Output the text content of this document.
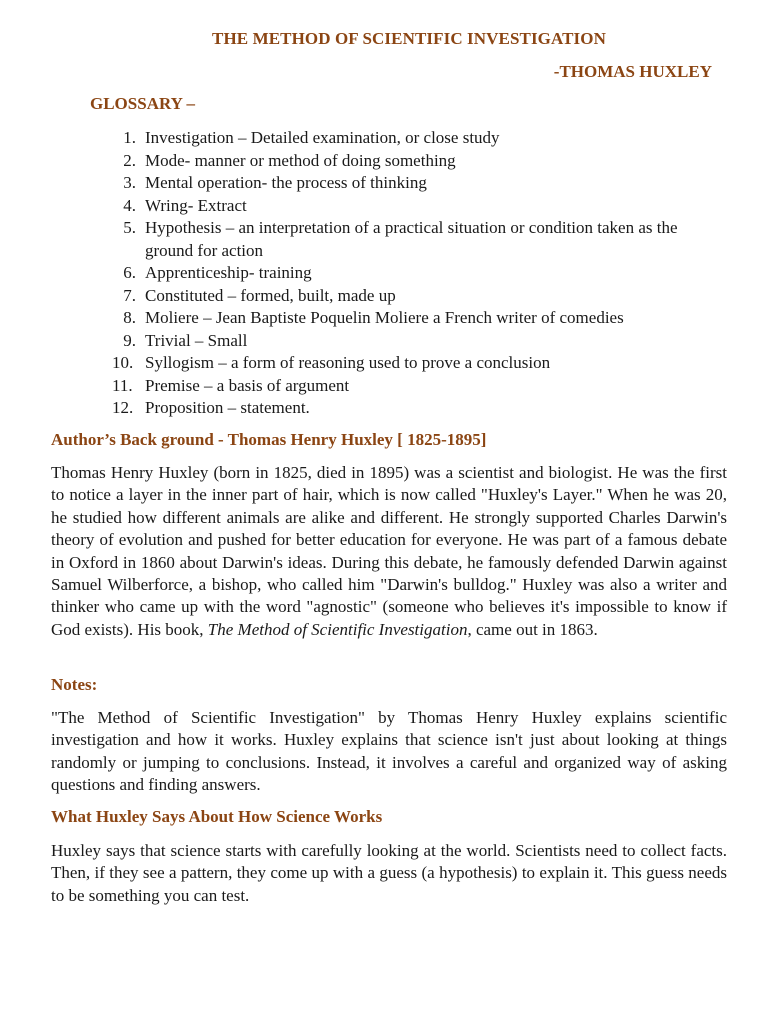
THE METHOD OF SCIENTIFIC INVESTIGATION
-THOMAS HUXLEY
GLOSSARY –
1. Investigation – Detailed examination, or close study
2. Mode- manner or method of doing something
3. Mental operation- the process of thinking
4. Wring- Extract
5. Hypothesis – an interpretation of a practical situation or condition taken as the ground for action
6. Apprenticeship- training
7. Constituted – formed, built, made up
8. Moliere – Jean Baptiste Poquelin Moliere a French writer of comedies
9. Trivial – Small
10. Syllogism – a form of reasoning used to prove a conclusion
11. Premise – a basis of argument
12. Proposition – statement.
Author’s Back ground - Thomas Henry Huxley [ 1825-1895]

Thomas Henry Huxley (born in 1825, died in 1895) was a scientist and biologist. He was the first to notice a layer in the inner part of hair, which is now called "Huxley's Layer." When he was 20, he studied how different animals are alike and different. He strongly supported Charles Darwin's theory of evolution and pushed for better education for everyone. He was part of a famous debate in Oxford in 1860 about Darwin's ideas. During this debate, he famously defended Darwin against Samuel Wilberforce, a bishop, who called him "Darwin's bulldog." Huxley was also a writer and thinker who came up with the word "agnostic" (someone who believes it's impossible to know if God exists). His book, The Method of Scientific Investigation, came out in 1863.

Notes:

"The Method of Scientific Investigation" by Thomas Henry Huxley explains scientific investigation and how it works. Huxley explains that science isn't just about looking at things randomly or jumping to conclusions. Instead, it involves a careful and organized way of asking questions and finding answers.

What Huxley Says About How Science Works

Huxley says that science starts with carefully looking at the world. Scientists need to collect facts. Then, if they see a pattern, they come up with a guess (a hypothesis) to explain it. This guess needs to be something you can test.
